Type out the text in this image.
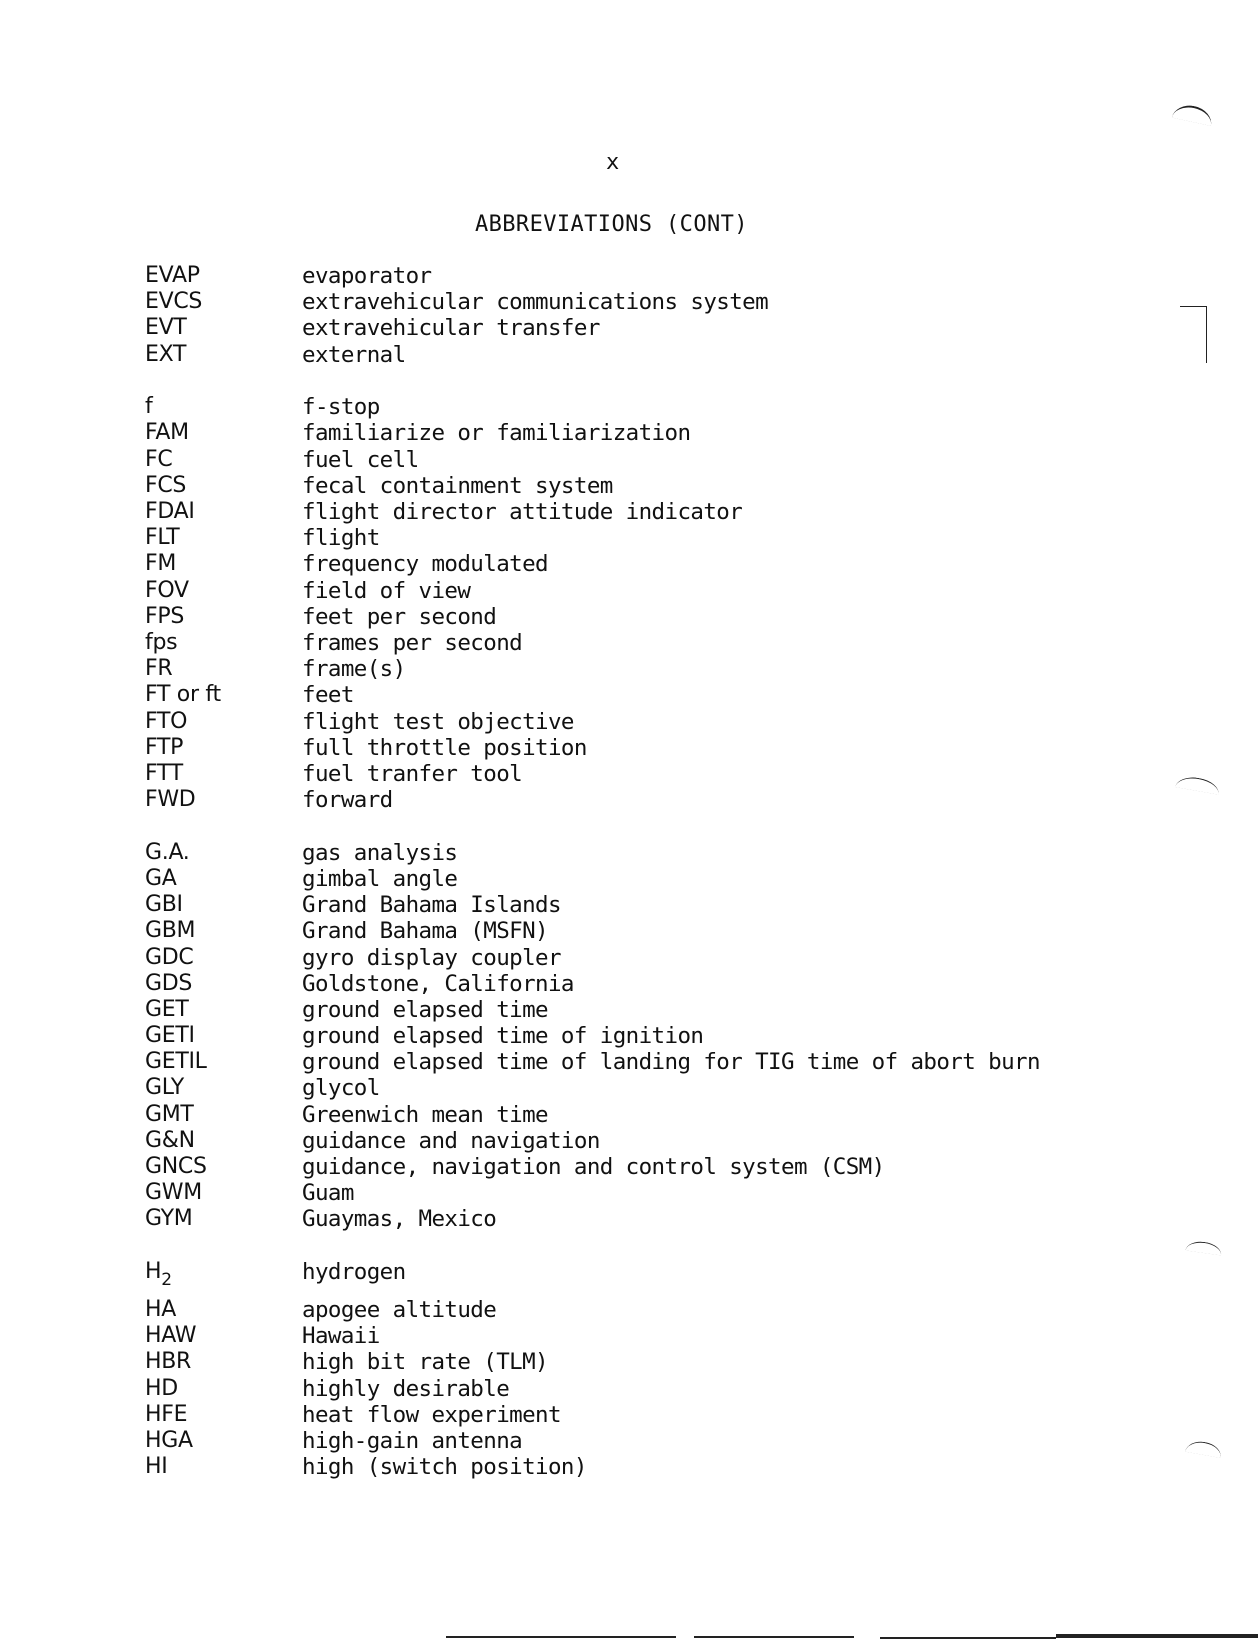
x
ABBREVIATIONS (CONT)
EVAP	evaporator
EVCS	extravehicular communications system
EVT	extravehicular transfer
EXT	external
f	f-stop
FAM	familiarize or familiarization
FC	fuel cell
FCS	fecal containment system
FDAI	flight director attitude indicator
FLT	flight
FM	frequency modulated
FOV	field of view
FPS	feet per second
fps	frames per second
FR	frame(s)
FT or ft	feet
FTO	flight test objective
FTP	full throttle position
FTT	fuel tranfer tool
FWD	forward
G.A.	gas analysis
GA	gimbal angle
GBI	Grand Bahama Islands
GBM	Grand Bahama (MSFN)
GDC	gyro display coupler
GDS	Goldstone, California
GET	ground elapsed time
GETI	ground elapsed time of ignition
GETIL	ground elapsed time of landing for TIG time of abort burn
GLY	glycol
GMT	Greenwich mean time
G&N	guidance and navigation
GNCS	guidance, navigation and control system (CSM)
GWM	Guam
GYM	Guaymas, Mexico
$H_2$	hydrogen
HA	apogee altitude
HAW	Hawaii
HBR	high bit rate (TLM)
HD	highly desirable
HFE	heat flow experiment
HGA	high-gain antenna
HI	high (switch position)
